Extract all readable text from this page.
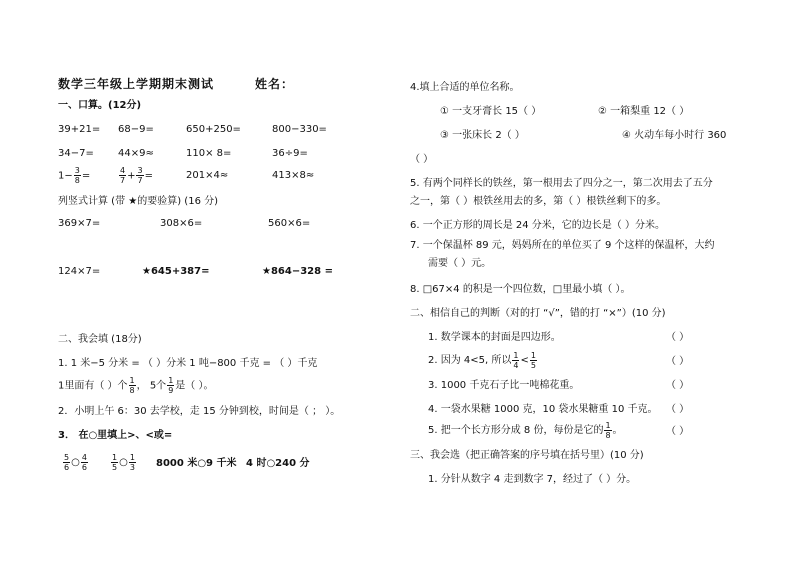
数学三年级上学期期末测试	姓名：
一、口算。(12分)
39+21= 68−9=	650+250=	800−330=
34−7= 44×9≈	110× 8=	36÷9=
$1- \frac{3}{8}$ =	$\frac{4}{7} + \frac{3}{7}$ =	201×4≈	413×8≈
列竖式计算 (带 ★的要验算) (16 分)
369×7=	308×6=	560×6=
124×7=	★645+387=	★864−328 =
二、我会填 (18分)
1. 1 米−5 分米 = （ ）分米 1 吨−800 千克 = （ ）千克
1里面有（ ）个 $\frac{1}{8}$ ， 5个 $\frac{1}{9}$ 是（ ）。
2．小明上午 6：30 去学校，走 15 分钟到校，时间是（ ； ）。
3． 在○里填上>、<或=
$\frac{5}{6}$ ○ $\frac{4}{6}$	$\frac{1}{5}$ ○ $\frac{1}{3} 8000$ 米○9 千米 4 时○240 分
4.填上合适的单位名称。
① 一支牙膏长 15（ ）	② 一箱梨重 12（ ）
③ 一张床长 2（ ）	④ 火动车每小时行 360
（ ）
5. 有两个同样长的铁丝，第一根用去了四分之一，第二次用去了五分
之一，第（ ）根铁丝用去的多，第（ ）根铁丝剩下的多。
6. 一个正方形的周长是 24 分米，它的边长是（ ）分米。
7. 一个保温杯 89 元，妈妈所在的单位买了 9 个这样的保温杯，大约
需要（ ）元。
8. □67×4 的积是一个四位数，□里最小填（ ）。
二、相信自己的判断（对的打 “√”，错的打 “×”）(10 分)
1. 数学课本的封面是四边形。	（ ）
2. 因为 4<5, 所以 $\frac{1}{4} < \frac{1}{5}$	（ ）
3. 1000 千克石子比一吨棉花重。	（ ）
4. 一袋水果糖 1000 克，10 袋水果糖重 10 千克。 （ ）
5. 把一个长方形分成 8 份，每份是它的 $\frac{1}{8}$ 。	（ ）
三、我会选（把正确答案的序号填在括号里）(10 分)
1. 分针从数字 4 走到数字 7，经过了（ ）分。
